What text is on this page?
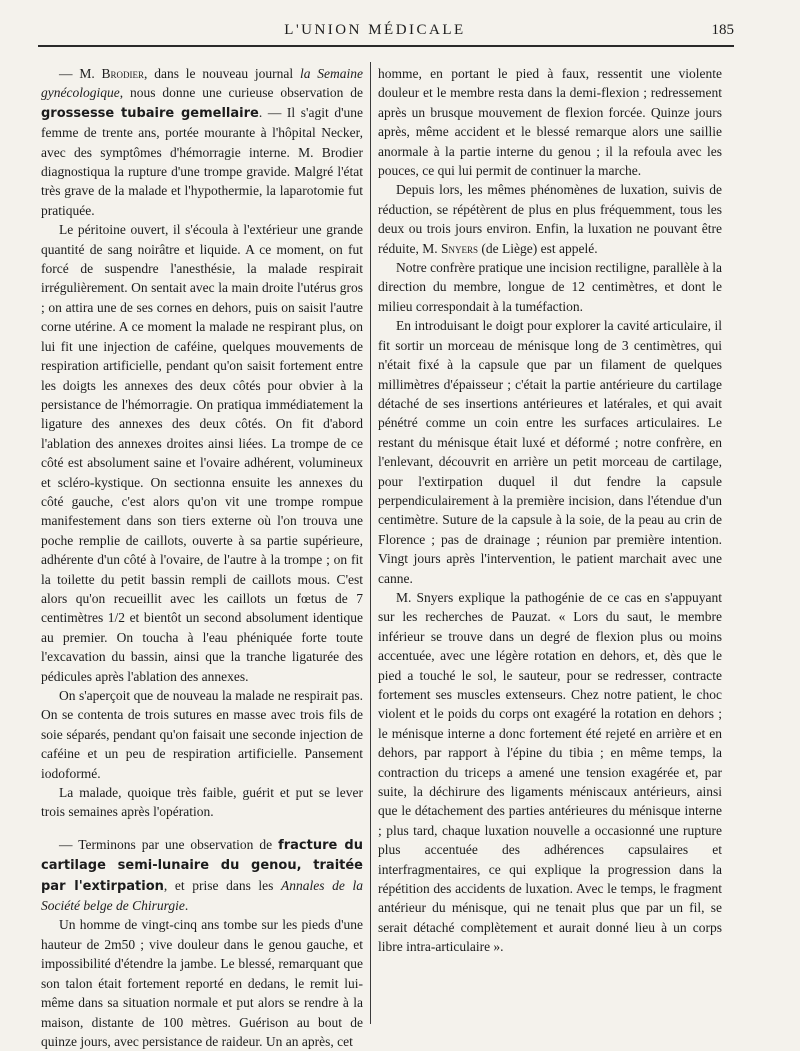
L'UNION MÉDICALE	185

— M. Brodier, dans le nouveau journal la Semaine gynécologique, nous donne une curieuse observation de grossesse tubaire gemellaire. — Il s'agit d'une femme de trente ans, portée mourante à l'hôpital Necker, avec des symptômes d'hémorragie interne. M. Brodier diagnostiqua la rupture d'une trompe gravide. Malgré l'état très grave de la malade et l'hypothermie, la laparotomie fut pratiquée.

Le péritoine ouvert, il s'écoula à l'extérieur une grande quantité de sang noirâtre et liquide. A ce moment, on fut forcé de suspendre l'anesthésie, la malade respirait irrégulièrement. On sentait avec la main droite l'utérus gros ; on attira une de ses cornes en dehors, puis on saisit l'autre corne utérine. A ce moment la malade ne respirant plus, on lui fit une injection de caféine, quelques mouvements de respiration artificielle, pendant qu'on saisit fortement entre les doigts les annexes des deux côtés pour obvier à la persistance de l'hémorragie. On pratiqua immédiatement la ligature des annexes des deux côtés. On fit d'abord l'ablation des annexes droites ainsi liées. La trompe de ce côté est absolument saine et l'ovaire adhérent, volumineux et scléro-kystique. On sectionna ensuite les annexes du côté gauche, c'est alors qu'on vit une trompe rompue manifestement dans son tiers externe où l'on trouva une poche remplie de caillots, ouverte à sa partie supérieure, adhérente d'un côté à l'ovaire, de l'autre à la trompe ; on fit la toilette du petit bassin rempli de caillots mous. C'est alors qu'on recueillit avec les caillots un fœtus de 7 centimètres 1/2 et bientôt un second absolument identique au premier. On toucha à l'eau phéniquée forte toute l'excavation du bassin, ainsi que la tranche ligaturée des pédicules après l'ablation des annexes.

On s'aperçoit que de nouveau la malade ne respirait pas. On se contenta de trois sutures en masse avec trois fils de soie séparés, pendant qu'on faisait une seconde injection de caféine et un peu de respiration artificielle. Pansement iodoformé.

La malade, quoique très faible, guérit et put se lever trois semaines après l'opération.

— Terminons par une observation de fracture du cartilage semi-lunaire du genou, traitée par l'extirpation, et prise dans les Annales de la Société belge de Chirurgie.

Un homme de vingt-cinq ans tombe sur les pieds d'une hauteur de 2m50 ; vive douleur dans le genou gauche, et impossibilité d'étendre la jambe. Le blessé, remarquant que son talon était fortement reporté en dedans, le remit lui-même dans sa situation normale et put alors se rendre à la maison, distante de 100 mètres. Guérison au bout de quinze jours, avec persistance de raideur. Un an après, cet

homme, en portant le pied à faux, ressentit une violente douleur et le membre resta dans la demi-flexion ; redressement après un brusque mouvement de flexion forcée. Quinze jours après, même accident et le blessé remarque alors une saillie anormale à la partie interne du genou ; il la refoula avec les pouces, ce qui lui permit de continuer la marche.

Depuis lors, les mêmes phénomènes de luxation, suivis de réduction, se répétèrent de plus en plus fréquemment, tous les deux ou trois jours environ. Enfin, la luxation ne pouvant être réduite, M. Snyers (de Liège) est appelé.

Notre confrère pratique une incision rectiligne, parallèle à la direction du membre, longue de 12 centimètres, et dont le milieu correspondait à la tuméfaction.

En introduisant le doigt pour explorer la cavité articulaire, il fit sortir un morceau de ménisque long de 3 centimètres, qui n'était fixé à la capsule que par un filament de quelques millimètres d'épaisseur ; c'était la partie antérieure du cartilage détaché de ses insertions antérieures et latérales, et qui avait pénétré comme un coin entre les surfaces articulaires. Le restant du ménisque était luxé et déformé ; notre confrère, en l'enlevant, découvrit en arrière un petit morceau de cartilage, pour l'extirpation duquel il dut fendre la capsule perpendiculairement à la première incision, dans l'étendue d'un centimètre. Suture de la capsule à la soie, de la peau au crin de Florence ; pas de drainage ; réunion par première intention. Vingt jours après l'intervention, le patient marchait avec une canne.

M. Snyers explique la pathogénie de ce cas en s'appuyant sur les recherches de Pauzat. « Lors du saut, le membre inférieur se trouve dans un degré de flexion plus ou moins accentuée, avec une légère rotation en dehors, et, dès que le pied a touché le sol, le sauteur, pour se redresser, contracte fortement ses muscles extenseurs. Chez notre patient, le choc violent et le poids du corps ont exagéré la rotation en dehors ; le ménisque interne a donc fortement été rejeté en arrière et en dehors, par rapport à l'épine du tibia ; en même temps, la contraction du triceps a amené une tension exagérée et, par suite, la déchirure des ligaments méniscaux antérieurs, ainsi que le détachement des parties antérieures du ménisque interne ; plus tard, chaque luxation nouvelle a occasionné une rupture plus accentuée des adhérences capsulaires et interfragmentaires, ce qui explique la progression dans la répétition des accidents de luxation. Avec le temps, le fragment antérieur du ménisque, qui ne tenait plus que par un fil, se serait détaché complètement et aurait donné lieu à un corps libre intra-articulaire ».
